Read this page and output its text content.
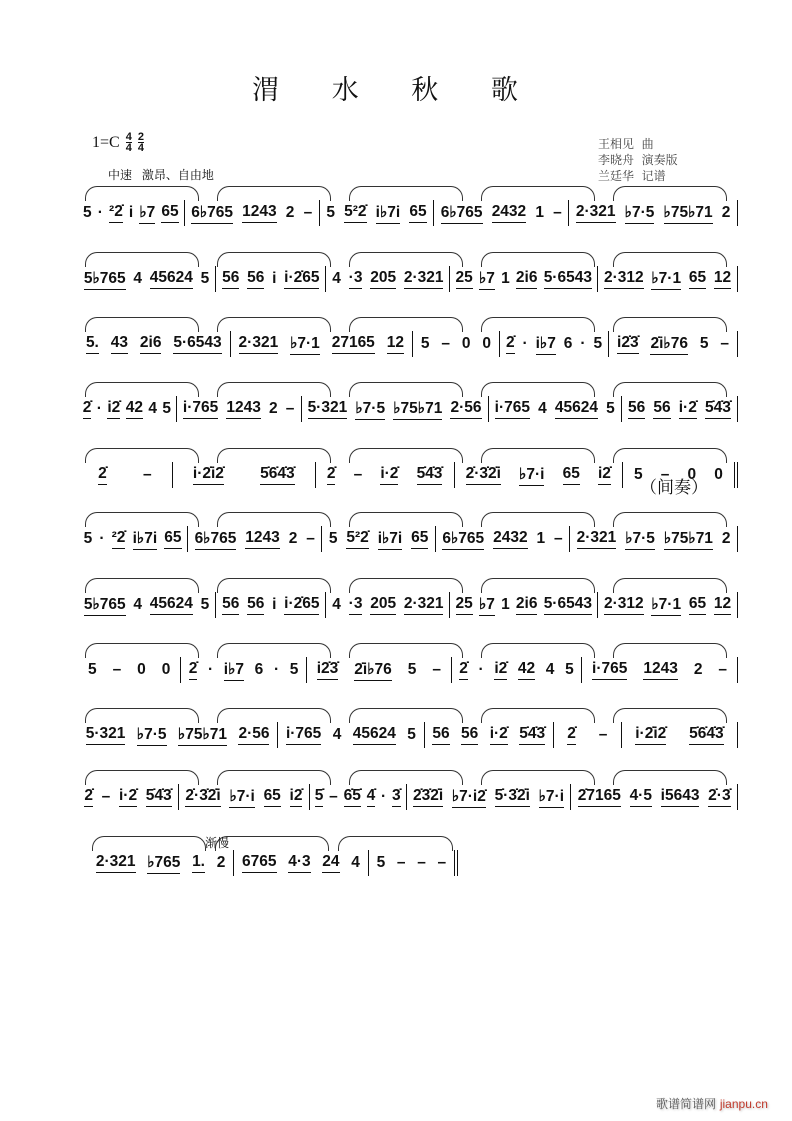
渭 水 秋 歌
$1=C \frac{4}{4} \frac{2}{4}$
中速 激昂、自由地
王相见  曲
李晓舟  演奏版
兰廷华  记谱
5 · ²2̇ i ♭7 65 6♭765 1243 2 – 5 5²2̇ i♭7i 65 6♭765 2432 1 – 2·321 ♭7·5 ♭75♭71 2
5♭765 4 45624 5 56 56 i i·2̇65 4 ·3 205 2·321 25 ♭7 1 2i6 5·6543 2·312 ♭7·1 65 12
5. 43 2i6 5·6543 2·321 ♭7·1 27165 12 5 – 0 0 2̇ · i♭7 6 · 5 i2̇3̇ 2̇i♭76 5 –
2̇ · i2̇ 42 4 5 i·765 1243 2 – 5·321 ♭7·5 ♭75♭71 2·56 i·765 4 45624 5 56 56 i·2̇ 5̇4̇3̇
2̇ –	i·2̇i2̇ 5̇6̇4̇3̇ 2̇ – i·2̇ 5̇4̇3̇ 2̇·3̇2̇i ♭7·i 65 i2̇ 5 – 0 0
5 · ²2̇ i♭7i 65 6♭765 1243 2 – 5 5²2̇ i♭7i 65 6♭765 2432 1 – 2·321 ♭7·5 ♭75♭71 2
5♭765 4 45624 5 56 56 i i·2̇65 4 ·3 205 2·321 25 ♭7 1 2i6 5·6543 2·312 ♭7·1 65 12
5 – 0 0 2̇ · i♭7 6 · 5 i2̇3̇ 2̇i♭76 5 – 2̇ · i2̇ 42 4 5 i·765 1243 2 –
5·321 ♭7·5 ♭75♭71 2·56 i·765 4 45624 5 56 56 i·2̇ 5̇4̇3̇ 2̇ – i·2̇i2̇ 5̇6̇4̇3̇
2̇ – i·2̇ 5̇4̇3̇ 2̇·3̇2̇i ♭7·i 65 i2̇ 5̇ – 6̇5̇ 4̇ · 3̇ 2̇3̇2̇i ♭7·i2̇ 5̇·3̇2̇i ♭7·i 2̇7165 4·5 i5643 2̇·3̇
2·321 ♭765 1. 2 6765 4·3 24 4 5 – – –
（间奏）
渐慢
歌谱简谱网 jianpu.cn
